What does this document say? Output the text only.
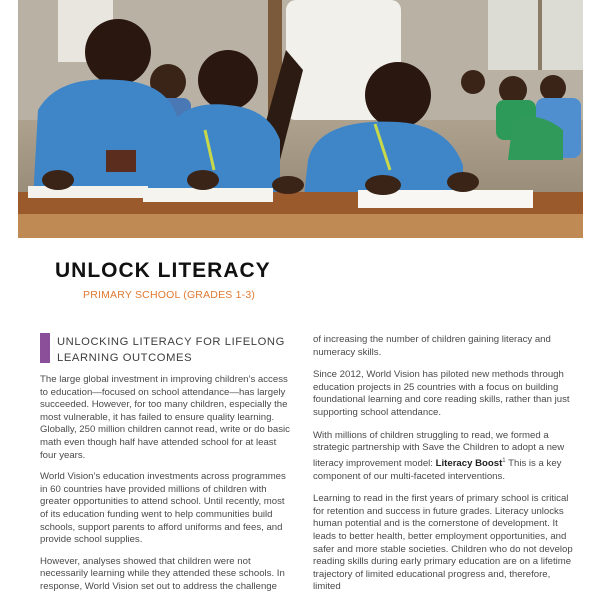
UNLOCK LITERACY

PRIMARY SCHOOL (GRADES 1-3)

UNLOCKING LITERACY FOR LIFELONG LEARNING OUTCOMES

The large global investment in improving children’s access to education—focused on school attendance—has largely succeeded. However, for too many children, especially the most vulnerable, it has failed to ensure quality learning. Globally, 250 million children cannot read, write or do basic math even though half have attended school for at least four years.

World Vision’s education investments across programmes in 60 countries have provided millions of children with greater opportunities to attend school. Until recently, most of its education funding went to help communities build schools, support parents to afford uniforms and fees, and provide school supplies.

However, analyses showed that children were not necessarily learning while they attended these schools. In response, World Vision set out to address the challenge

of increasing the number of children gaining literacy and numeracy skills.

Since 2012, World Vision has piloted new methods through education projects in 25 countries with a focus on building foundational learning and core reading skills, rather than just supporting school attendance.

With millions of children struggling to read, we formed a strategic partnership with Save the Children to adopt a new literacy improvement model: Literacy Boost$^1$ This is a key component of our multi-faceted interventions.

Learning to read in the first years of primary school is critical for retention and success in future grades. Literacy unlocks human potential and is the cornerstone of development. It leads to better health, better employment opportunities, and safer and more stable societies. Children who do not develop reading skills during early primary education are on a lifetime trajectory of limited educational progress and, therefore, limited
